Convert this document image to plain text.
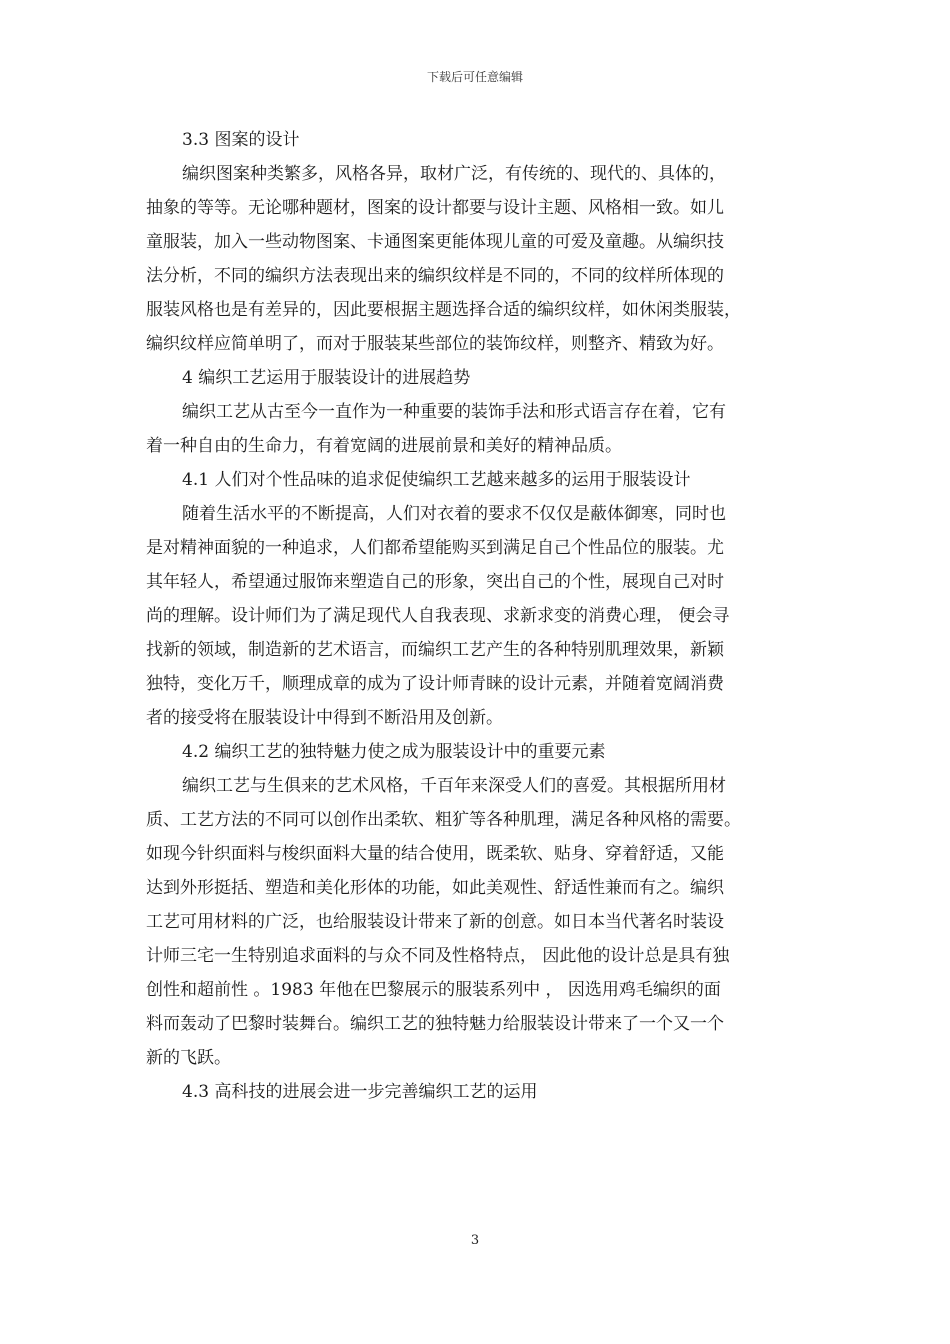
下载后可任意编辑
3.3 图案的设计
编织图案种类繁多，风格各异，取材广泛，有传统的、现代的、具体的，
抽象的等等。无论哪种题材，图案的设计都要与设计主题、风格相一致。如儿
童服装，加入一些动物图案、卡通图案更能体现儿童的可爱及童趣。从编织技
法分析，不同的编织方法表现出来的编织纹样是不同的，不同的纹样所体现的
服装风格也是有差异的，因此要根据主题选择合适的编织纹样，如休闲类服装，
编织纹样应简单明了，而对于服装某些部位的装饰纹样，则整齐、精致为好。
4 编织工艺运用于服装设计的进展趋势
编织工艺从古至今一直作为一种重要的装饰手法和形式语言存在着，它有
着一种自由的生命力，有着宽阔的进展前景和美好的精神品质。
4.1 人们对个性品味的追求促使编织工艺越来越多的运用于服装设计
随着生活水平的不断提高，人们对衣着的要求不仅仅是蔽体御寒，同时也
是对精神面貌的一种追求，人们都希望能购买到满足自己个性品位的服装。尤
其年轻人，希望通过服饰来塑造自己的形象，突出自己的个性，展现自己对时
尚的理解。设计师们为了满足现代人自我表现、求新求变的消费心理， 便会寻
找新的领域，制造新的艺术语言，而编织工艺产生的各种特别肌理效果，新颖
独特，变化万千，顺理成章的成为了设计师青睐的设计元素，并随着宽阔消费
者的接受将在服装设计中得到不断沿用及创新。
4.2 编织工艺的独特魅力使之成为服装设计中的重要元素
编织工艺与生俱来的艺术风格，千百年来深受人们的喜爱。其根据所用材
质、工艺方法的不同可以创作出柔软、粗犷等各种肌理，满足各种风格的需要。
如现今针织面料与梭织面料大量的结合使用，既柔软、贴身、穿着舒适，又能
达到外形挺括、塑造和美化形体的功能，如此美观性、舒适性兼而有之。编织
工艺可用材料的广泛，也给服装设计带来了新的创意。如日本当代著名时装设
计师三宅一生特别追求面料的与众不同及性格特点， 因此他的设计总是具有独
创性和超前性 。1983 年他在巴黎展示的服装系列中 ， 因选用鸡毛编织的面
料而轰动了巴黎时装舞台。编织工艺的独特魅力给服装设计带来了一个又一个
新的飞跃。
4.3 高科技的进展会进一步完善编织工艺的运用
3
